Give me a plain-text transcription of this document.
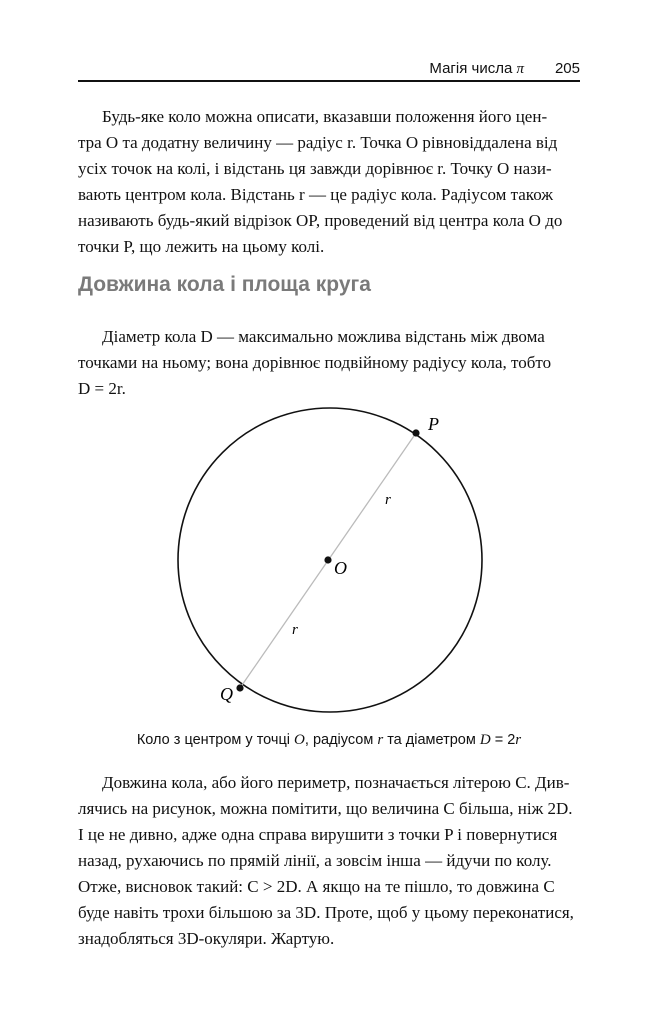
Магія числа π 205
Будь-яке коло можна описати, вказавши положення його цен-
тра O та додатну величину — радіус r. Точка O рівновіддалена від
усіх точок на колі, і відстань ця завжди дорівнює r. Точку O нази-
вають центром кола. Відстань r — це радіус кола. Радіусом також
називають будь-який відрізок OP, проведений від центра кола O до
точки P, що лежить на цьому колі.
Довжина кола і площа круга
Діаметр кола D — максимально можлива відстань між двома
точками на ньому; вона дорівнює подвійному радіусу кола, тобто
D = 2r.
P
O
Q
r
r
Коло з центром у точці O, радіусом r та діаметром D = 2r
Довжина кола, або його периметр, позначається літерою C. Див-
лячись на рисунок, можна помітити, що величина C більша, ніж 2D.
І це не дивно, адже одна справа вирушити з точки P і повернутися
назад, рухаючись по прямій лінії, а зовсім інша — йдучи по колу.
Отже, висновок такий: C > 2D. А якщо на те пішло, то довжина C
буде навіть трохи більшою за 3D. Проте, щоб у цьому переконатися,
знадобляться 3D-окуляри. Жартую.
